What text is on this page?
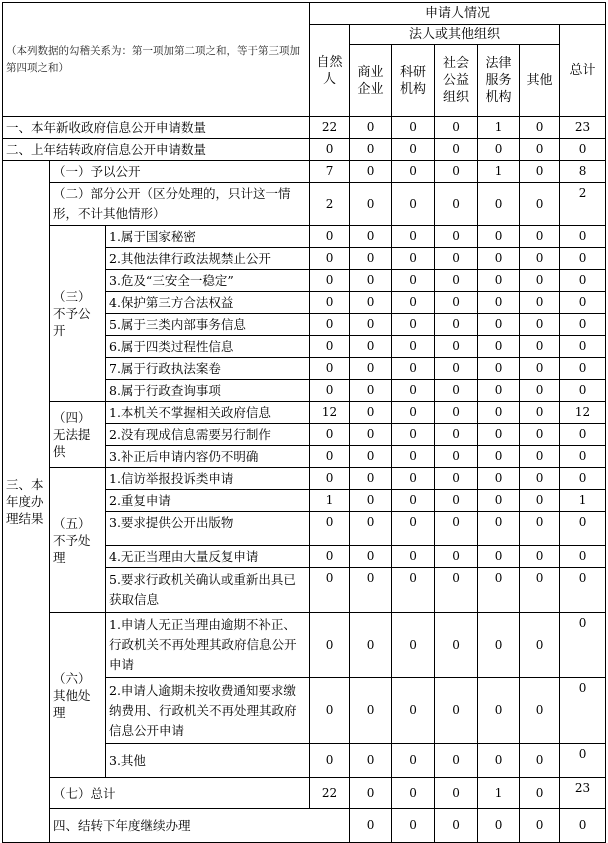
（本列数据的勾稽关系为：第一项加第二项之和，等于第三项加第四项之和）			申请人情况							
			自然人	法人或其他组织					总计	
				商业企业	科研机构	社会公益组织	法律服务机构	其他		
一、本年新收政府信息公开申请数量			22	0	0	0	1	0	23	
二、上年结转政府信息公开申请数量			0	0	0	0	0	0	0	
三、本年度办理结果	（一）予以公开		7	0	0	0	1	0	8	
	（二）部分公开（区分处理的，只计这一情形，不计其他情形）		2	0	0	0	0	0	2	
	（三）不予公开	1.属于国家秘密	0	0	0	0	0	0	0	
		2.其他法律行政法规禁止公开	0	0	0	0	0	0	0	
		3.危及“三安全一稳定”	0	0	0	0	0	0	0	
		4.保护第三方合法权益	0	0	0	0	0	0	0	
		5.属于三类内部事务信息	0	0	0	0	0	0	0	
		6.属于四类过程性信息	0	0	0	0	0	0	0	
		7.属于行政执法案卷	0	0	0	0	0	0	0	
		8.属于行政查询事项	0	0	0	0	0	0	0	
	（四）无法提供	1.本机关不掌握相关政府信息	12	0	0	0	0	0	12	
		2.没有现成信息需要另行制作	0	0	0	0	0	0	0	
		3.补正后申请内容仍不明确	0	0	0	0	0	0	0	
	（五）不予处理	1.信访举报投诉类申请	0	0	0	0	0	0	0	
		2.重复申请	1	0	0	0	0	0	1	
		3.要求提供公开出版物	0	0	0	0	0	0	0	
		4.无正当理由大量反复申请	0	0	0	0	0	0	0	
		5.要求行政机关确认或重新出具已获取信息	0	0	0	0	0	0	0	
	（六）其他处理	1.申请人无正当理由逾期不补正、行政机关不再处理其政府信息公开申请	0	0	0	0	0	0	0	
		2.申请人逾期未按收费通知要求缴纳费用、行政机关不再处理其政府信息公开申请	0	0	0	0	0	0	0	
		3.其他	0	0	0	0	0	0	0	
	（七）总计		22	0	0	0	1	0	23	
	四、结转下年度继续办理			0	0	0	0	0	0	
